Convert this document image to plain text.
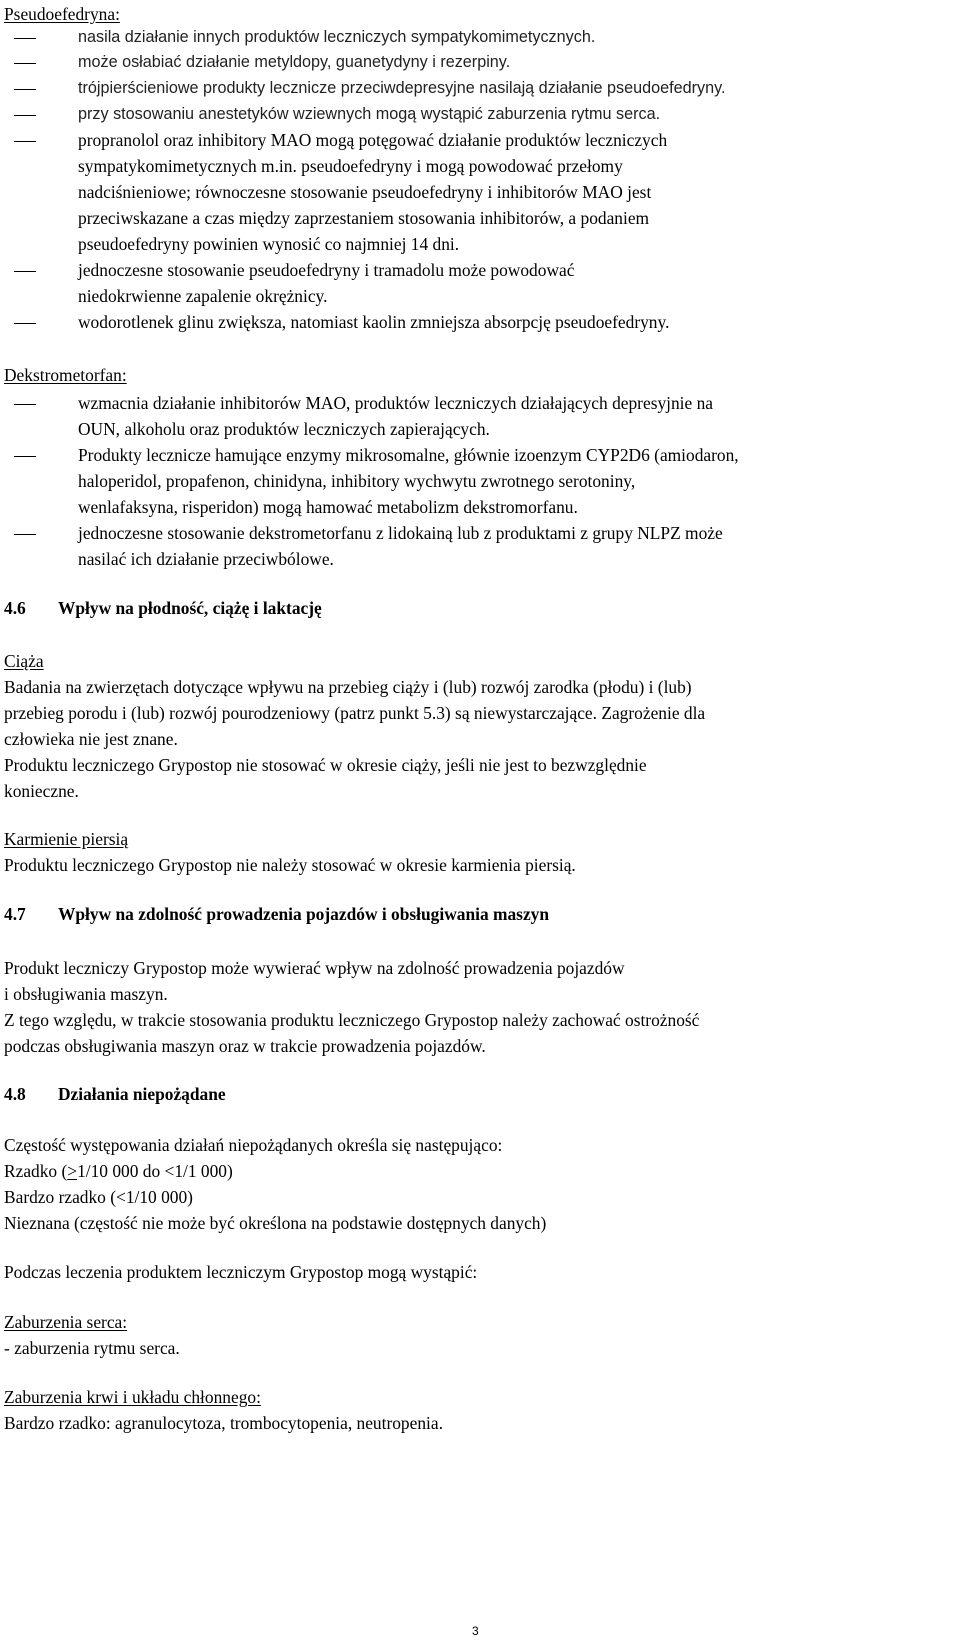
Pseudoefedryna:
nasila działanie innych produktów leczniczych sympatykomimetycznych.
może osłabiać działanie metyldopy, guanetydyny i rezerpiny.
trójpierścieniowe produkty lecznicze przeciwdepresyjne nasilają działanie pseudoefedryny.
przy stosowaniu anestetyków wziewnych mogą wystąpić zaburzenia rytmu serca.
propranolol oraz inhibitory MAO mogą potęgować działanie produktów leczniczych
sympatykomimetycznych m.in. pseudoefedryny i mogą powodować przełomy
nadciśnieniowe; równoczesne stosowanie pseudoefedryny i inhibitorów MAO jest
przeciwskazane a czas między zaprzestaniem stosowania inhibitorów, a podaniem
pseudoefedryny powinien wynosić co najmniej 14 dni.
jednoczesne stosowanie pseudoefedryny i tramadolu może powodować
niedokrwienne zapalenie okrężnicy.
wodorotlenek glinu zwiększa, natomiast kaolin zmniejsza absorpcję pseudoefedryny.
Dekstrometorfan:
wzmacnia działanie inhibitorów MAO, produktów leczniczych działających depresyjnie na
OUN, alkoholu oraz produktów leczniczych zapierających.
Produkty lecznicze hamujące enzymy mikrosomalne, głównie izoenzym CYP2D6 (amiodaron,
haloperidol, propafenon, chinidyna, inhibitory wychwytu zwrotnego serotoniny,
wenlafaksyna, risperidon) mogą hamować metabolizm dekstromorfanu.
jednoczesne stosowanie dekstrometorfanu z lidokainą lub z produktami z grupy NLPZ może
nasilać ich działanie przeciwbólowe.
4.6 Wpływ na płodność, ciążę i laktację
Ciąża
Badania na zwierzętach dotyczące wpływu na przebieg ciąży i (lub) rozwój zarodka (płodu) i (lub)
przebieg porodu i (lub) rozwój pourodzeniowy (patrz punkt 5.3) są niewystarczające. Zagrożenie dla
człowieka nie jest znane.
Produktu leczniczego Grypostop nie stosować w okresie ciąży, jeśli nie jest to bezwzględnie
konieczne.
Karmienie piersią
Produktu leczniczego Grypostop nie należy stosować w okresie karmienia piersią.
4.7 Wpływ na zdolność prowadzenia pojazdów i obsługiwania maszyn
Produkt leczniczy Grypostop może wywierać wpływ na zdolność prowadzenia pojazdów
i obsługiwania maszyn.
Z tego względu, w trakcie stosowania produktu leczniczego Grypostop należy zachować ostrożność
podczas obsługiwania maszyn oraz w trakcie prowadzenia pojazdów.
4.8 Działania niepożądane
Częstość występowania działań niepożądanych określa się następująco:
Rzadko (≥1/10 000 do <1/1 000)
Bardzo rzadko (<1/10 000)
Nieznana (częstość nie może być określona na podstawie dostępnych danych)
Podczas leczenia produktem leczniczym Grypostop mogą wystąpić:
Zaburzenia serca:
- zaburzenia rytmu serca.
Zaburzenia krwi i układu chłonnego:
Bardzo rzadko: agranulocytoza, trombocytopenia, neutropenia.
3
